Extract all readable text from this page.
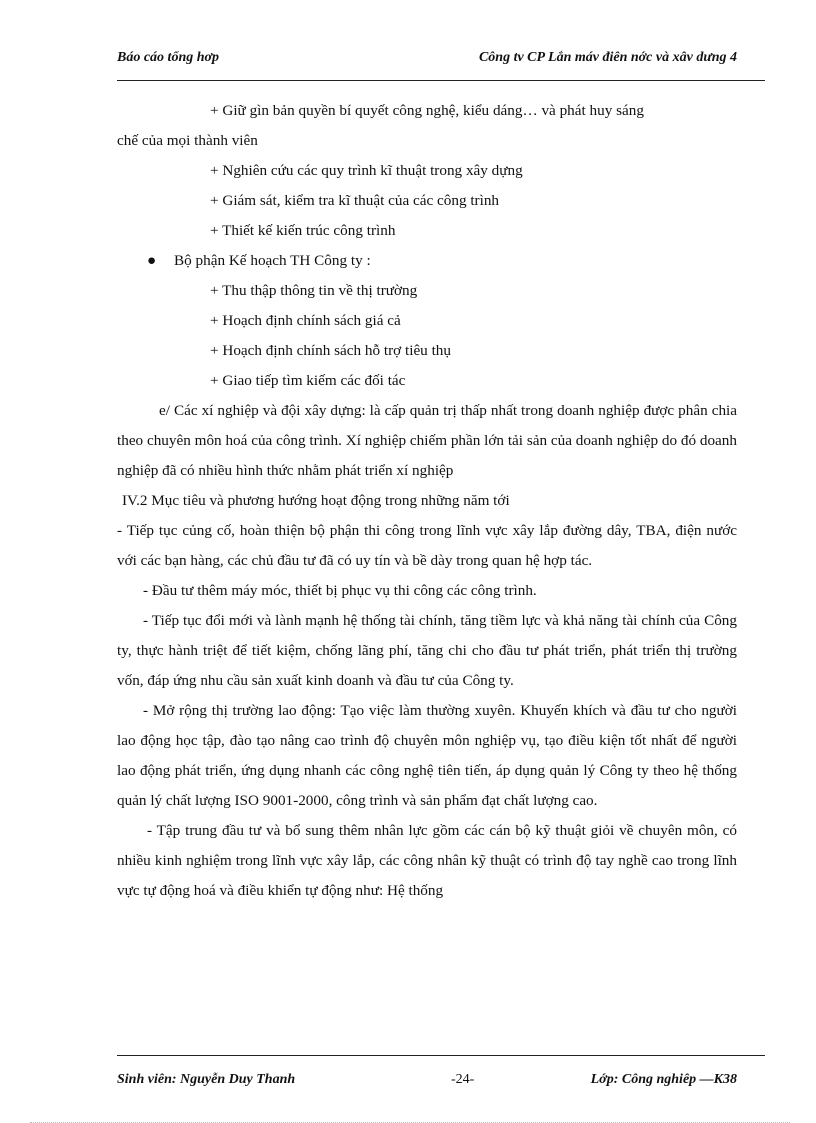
Báo cáo tổng hơp	Công tv CP Lắn máv điên nớc và xâv dưng 4

+ Giữ gìn bản quyền bí quyết công nghệ, kiểu dáng… và phát huy sáng

chế của mọi thành viên

+ Nghiên cứu các quy trình kĩ thuật trong xây dựng

+ Giám sát, kiểm tra kĩ thuật của các công trình

+ Thiết kế kiến trúc công trình

● Bộ phận Kế hoạch TH Công ty :

+ Thu thập thông tin về thị trường

+ Hoạch định chính sách giá cả

+ Hoạch định chính sách hỗ trợ tiêu thụ

+ Giao tiếp tìm kiếm các đối tác

e/ Các xí nghiệp và đội xây dựng: là cấp quản trị thấp nhất trong doanh nghiệp được phân chia theo chuyên môn hoá của công trình. Xí nghiệp chiếm phần lớn tải sản của doanh nghiệp do đó doanh nghiệp đã có nhiều hình thức nhằm phát triển xí nghiệp

IV.2 Mục tiêu và phương hướng hoạt động trong những năm tới

- Tiếp tục củng cố, hoàn thiện bộ phận thi công trong lĩnh vực xây lắp đường dây, TBA, điện nước với các bạn hàng, các chủ đầu tư đã có uy tín và bề dày trong quan hệ hợp tác.

- Đầu tư thêm máy móc, thiết bị phục vụ thi công các công trình.

- Tiếp tục đổi mới và lành mạnh hệ thống tài chính, tăng tiềm lực và khả năng tài chính của Công ty, thực hành triệt để tiết kiệm, chống lãng phí, tăng chi cho đầu tư phát triển, phát triển thị trường vốn, đáp ứng nhu cầu sản xuất kinh doanh và đầu tư của Công ty.

- Mở rộng thị trường lao động: Tạo việc làm thường xuyên. Khuyến khích và đầu tư cho người lao động học tập, đào tạo nâng cao trình độ chuyên môn nghiệp vụ, tạo điều kiện tốt nhất để người lao động phát triển, ứng dụng nhanh các công nghệ tiên tiến, áp dụng quản lý Công ty theo hệ thống quản lý chất lượng ISO 9001-2000, công trình và sản phẩm đạt chất lượng cao.

- Tập trung đầu tư và bổ sung thêm nhân lực gồm các cán bộ kỹ thuật giỏi về chuyên môn, có nhiều kinh nghiệm trong lĩnh vực xây lắp, các công nhân kỹ thuật có trình độ tay nghề cao trong lĩnh vực tự động hoá và điều khiển tự động như: Hệ thống

Sinh viên: Nguyễn Duy Thanh	-24-	Lớp: Công nghiêp —K38
